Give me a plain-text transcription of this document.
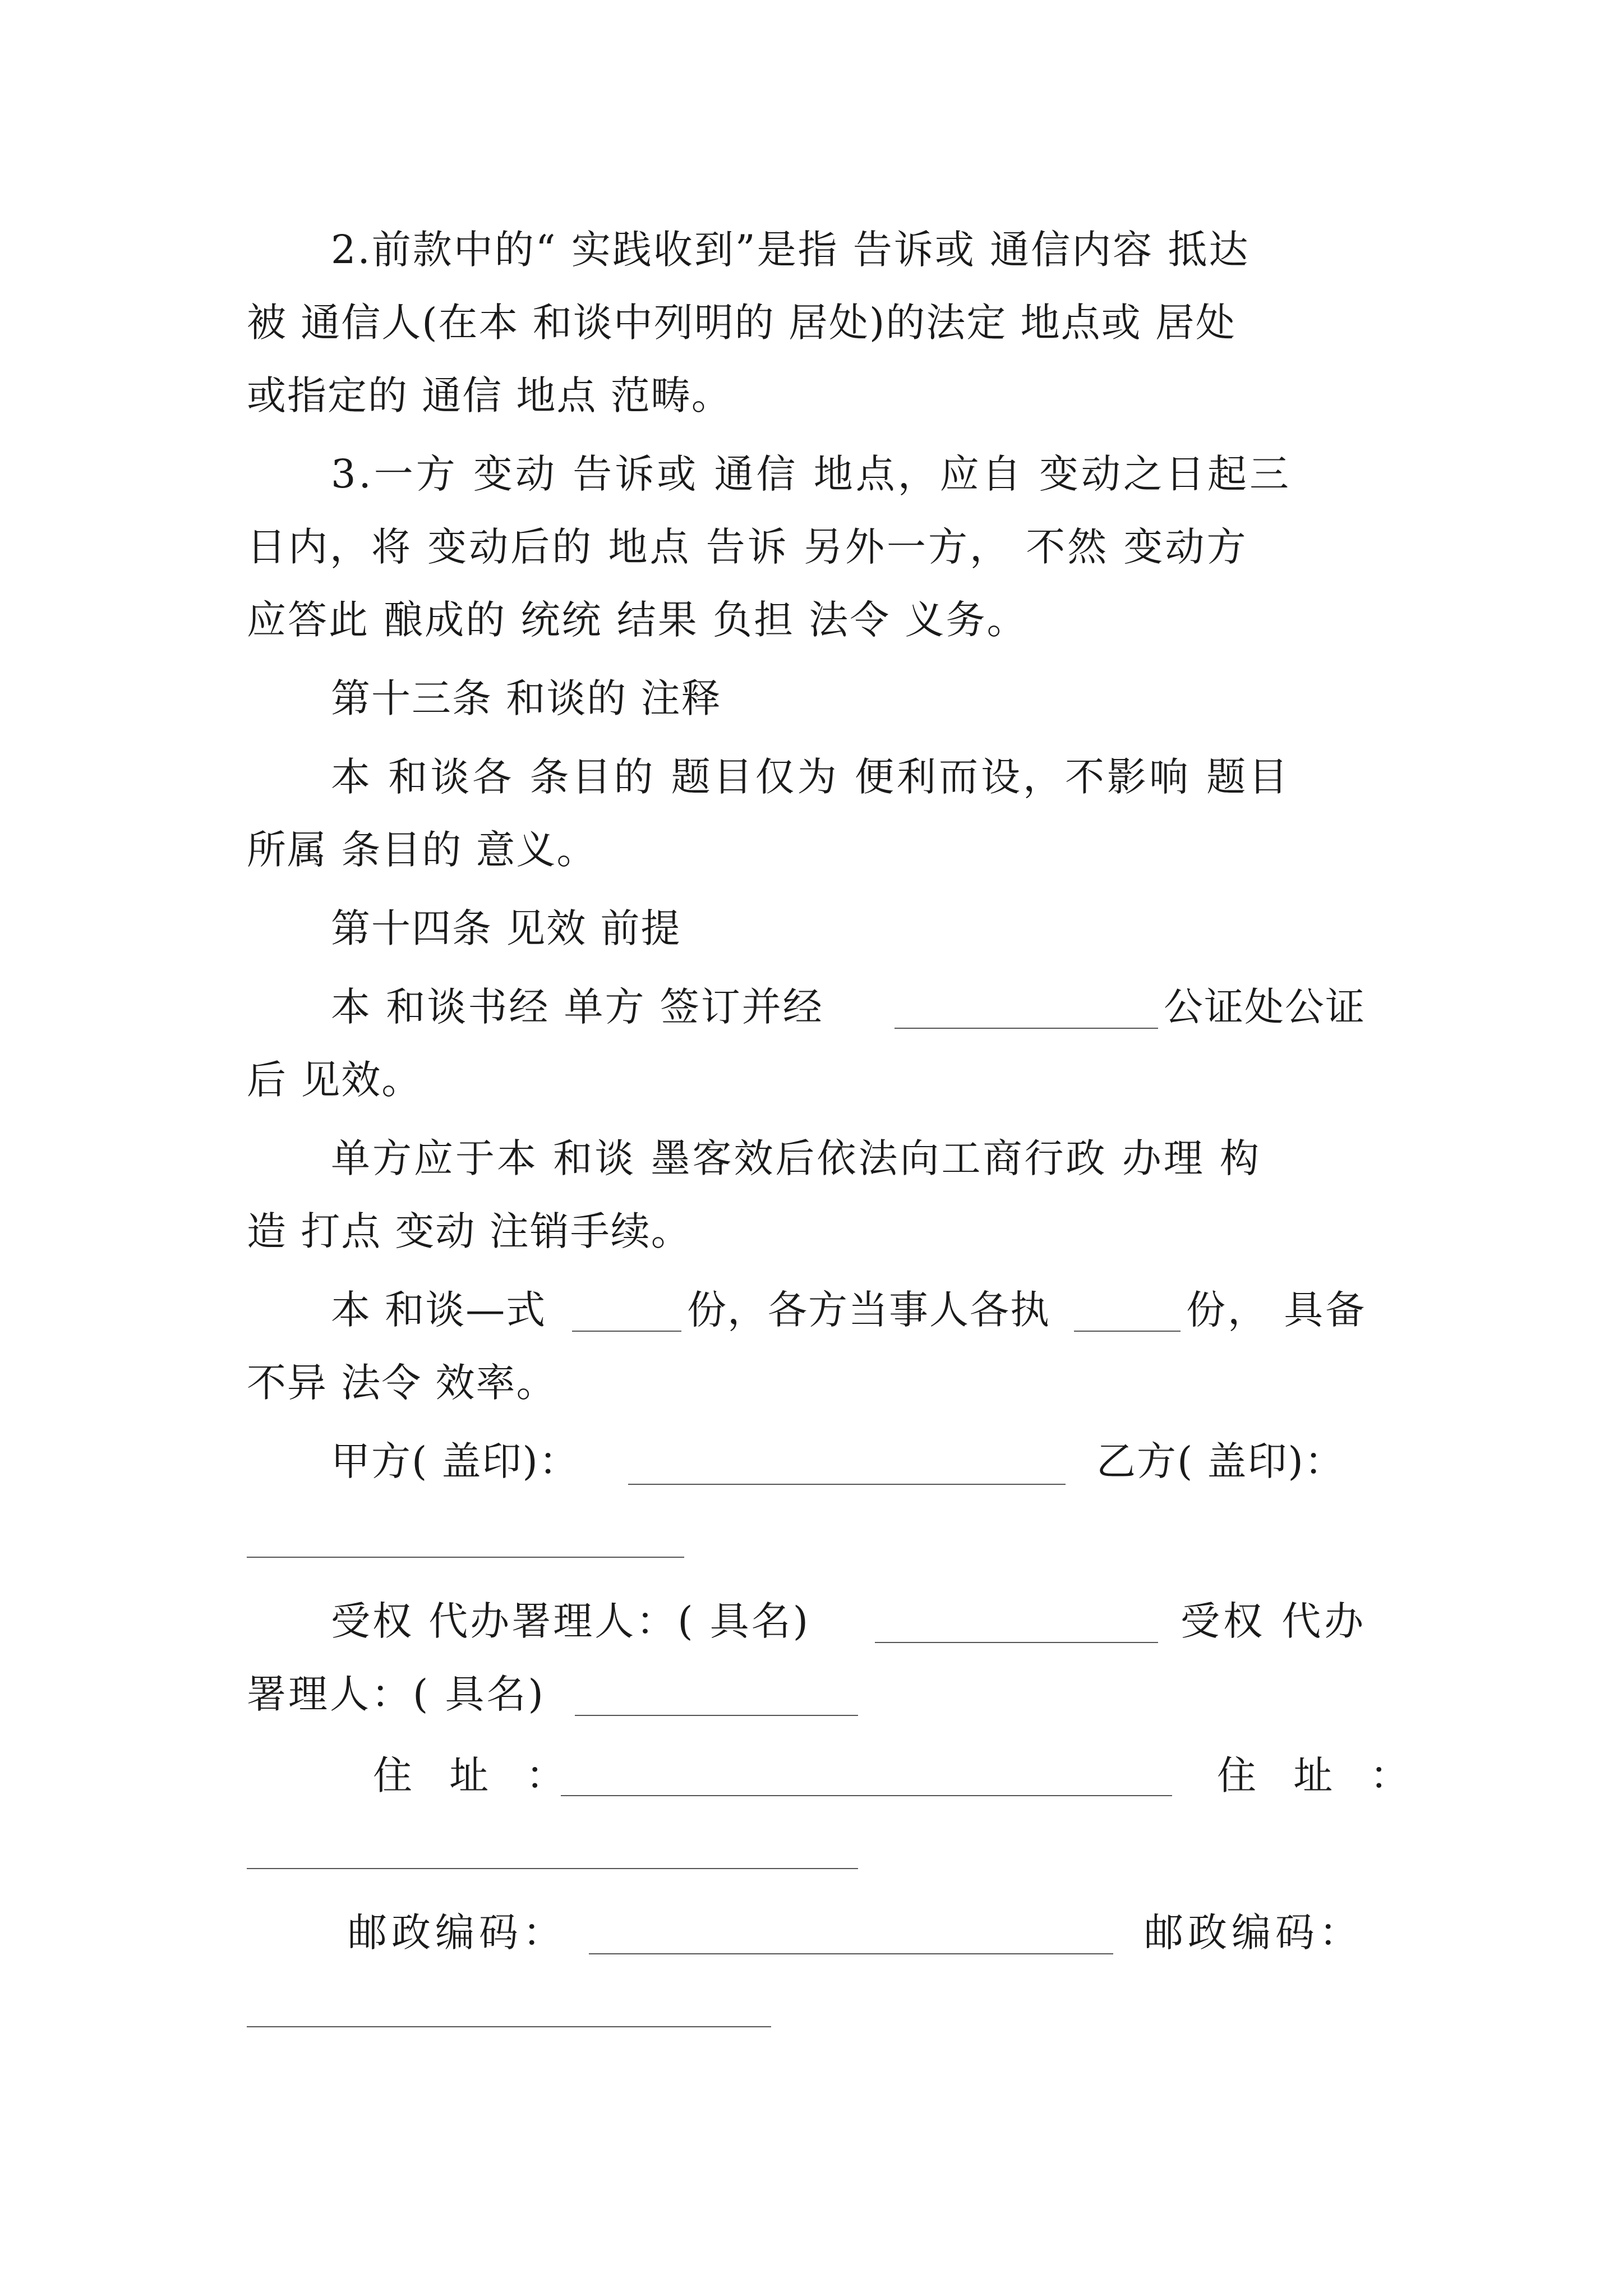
2.前款中的“ 实践收到”是指 告诉或 通信内容 抵达
被 通信人(在本 和谈中列明的 居处)的法定 地点或 居处
或指定的 通信 地点 范畴。
3.一方 变动 告诉或 通信 地点，应自 变动之日起三
日内，将 变动后的 地点 告诉 另外一方， 不然 变动方
应答此 酿成的 统统 结果 负担 法令 义务。
第十三条 和谈的 注释
本 和谈各 条目的 题目仅为 便利而设，不影响 题目
所属 条目的 意义。
第十四条 见效 前提
本 和谈书经 单方 签订并经	公证处公证
后 见效。
单方应于本 和谈 墨客效后依法向工商行政 办理 构
造 打点 变动 注销手续。
本 和谈—式	份，各方当事人各执	份， 具备
不异 法令 效率。
甲方( 盖印)：	乙方( 盖印)：
受权 代办署理人：( 具名)	受权 代办
署理人：( 具名)
住 址 ：	住 址 ：
邮政编码：	邮政编码：
